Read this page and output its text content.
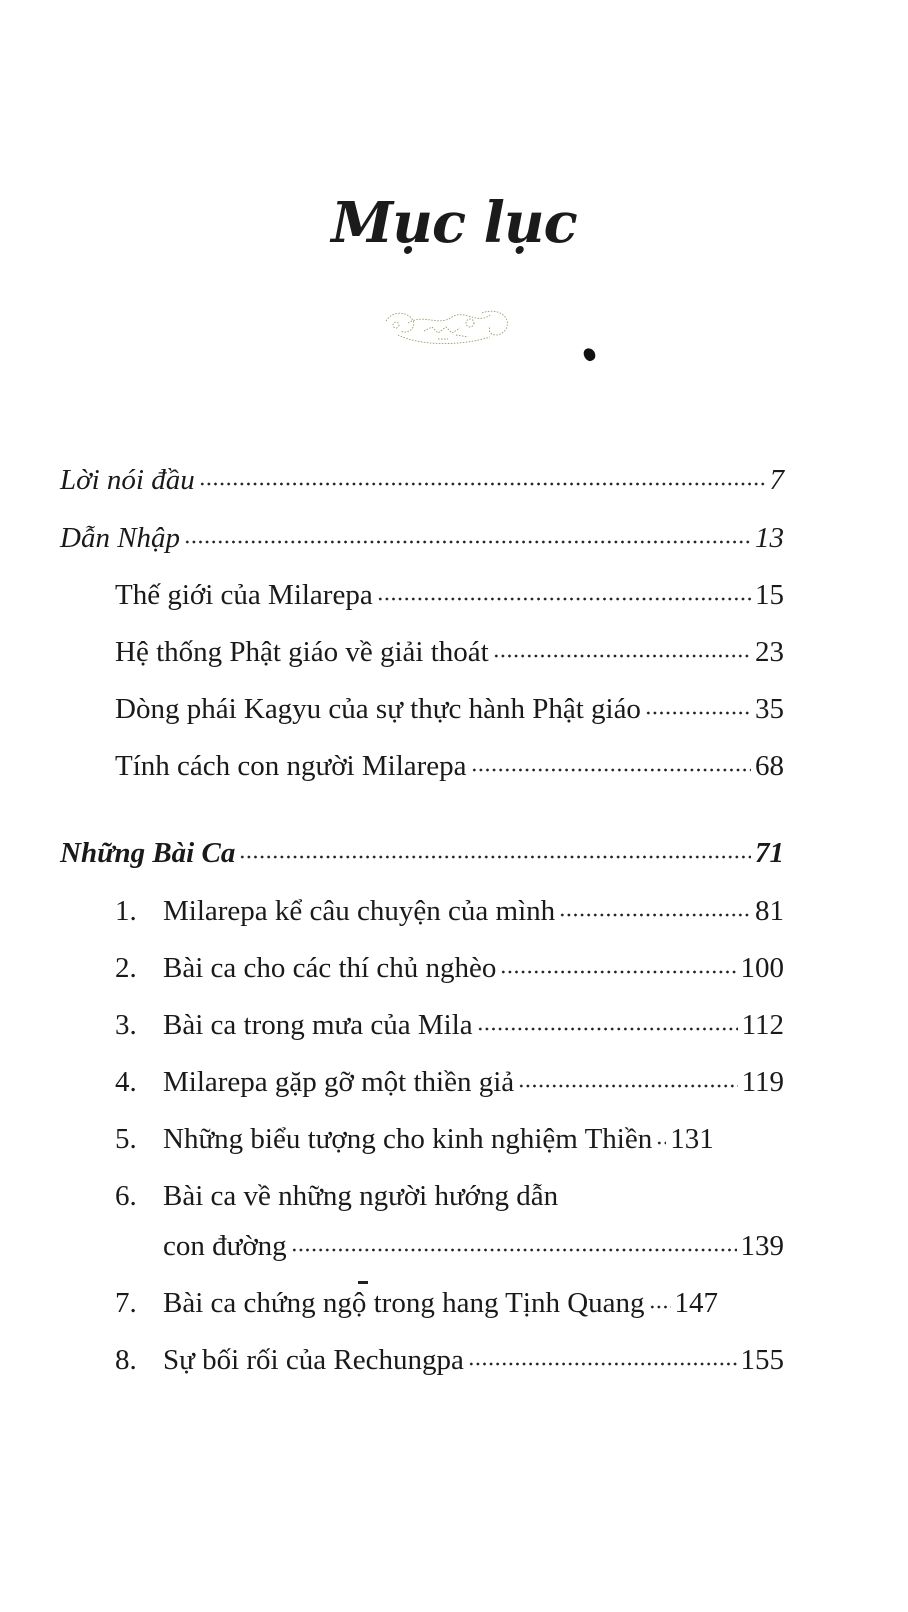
Mục lục
Lời nói đầu	7
Dẫn Nhập	13
Thế giới của Milarepa	15
Hệ thống Phật giáo về giải thoát	23
Dòng phái Kagyu của sự thực hành Phật giáo	35
Tính cách con người Milarepa	68
Những Bài Ca	71
1. Milarepa kể câu chuyện của mình	81
2. Bài ca cho các thí chủ nghèo	100
3. Bài ca trong mưa của Mila	112
4. Milarepa gặp gỡ một thiền giả	119
5. Những biểu tượng cho kinh nghiệm Thiền 131
6. Bài ca về những người hướng dẫn
con đường	139
7. Bài ca chứng ngộ trong hang Tịnh Quang 147
8. Sự bối rối của Rechungpa	155
